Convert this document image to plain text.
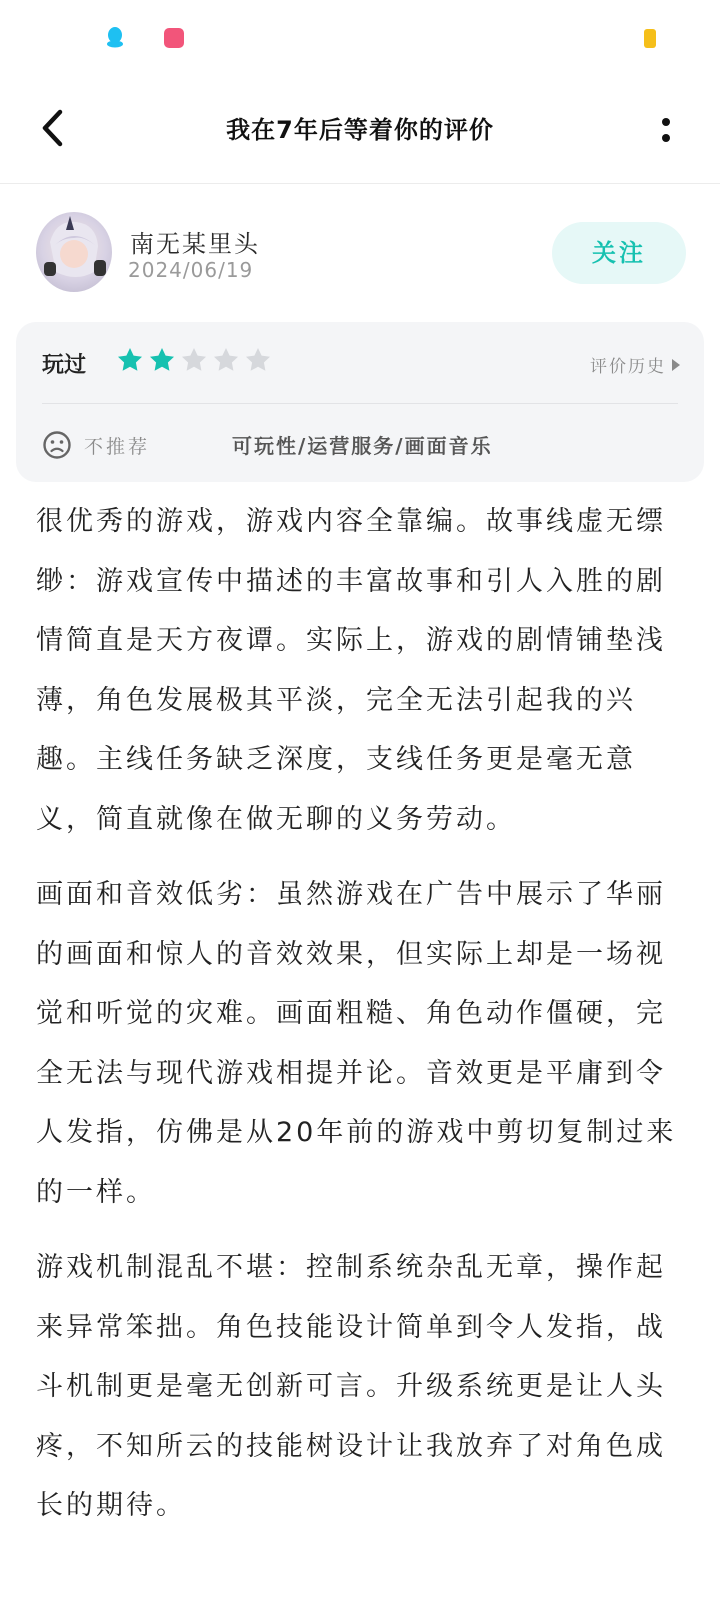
我在7年后等着你的评价
南无某里头
2024/06/19
关注
玩过	评价历史
不推荐	可玩性/运营服务/画面音乐

很优秀的游戏，游戏内容全靠编。故事线虚无缥缈：游戏宣传中描述的丰富故事和引人入胜的剧情简直是天方夜谭。实际上，游戏的剧情铺垫浅薄，角色发展极其平淡，完全无法引起我的兴趣。主线任务缺乏深度，支线任务更是毫无意义，简直就像在做无聊的义务劳动。

画面和音效低劣：虽然游戏在广告中展示了华丽的画面和惊人的音效效果，但实际上却是一场视觉和听觉的灾难。画面粗糙、角色动作僵硬，完全无法与现代游戏相提并论。音效更是平庸到令人发指，仿佛是从20年前的游戏中剪切复制过来的一样。

游戏机制混乱不堪：控制系统杂乱无章，操作起来异常笨拙。角色技能设计简单到令人发指，战斗机制更是毫无创新可言。升级系统更是让人头疼，不知所云的技能树设计让我放弃了对角色成长的期待。
